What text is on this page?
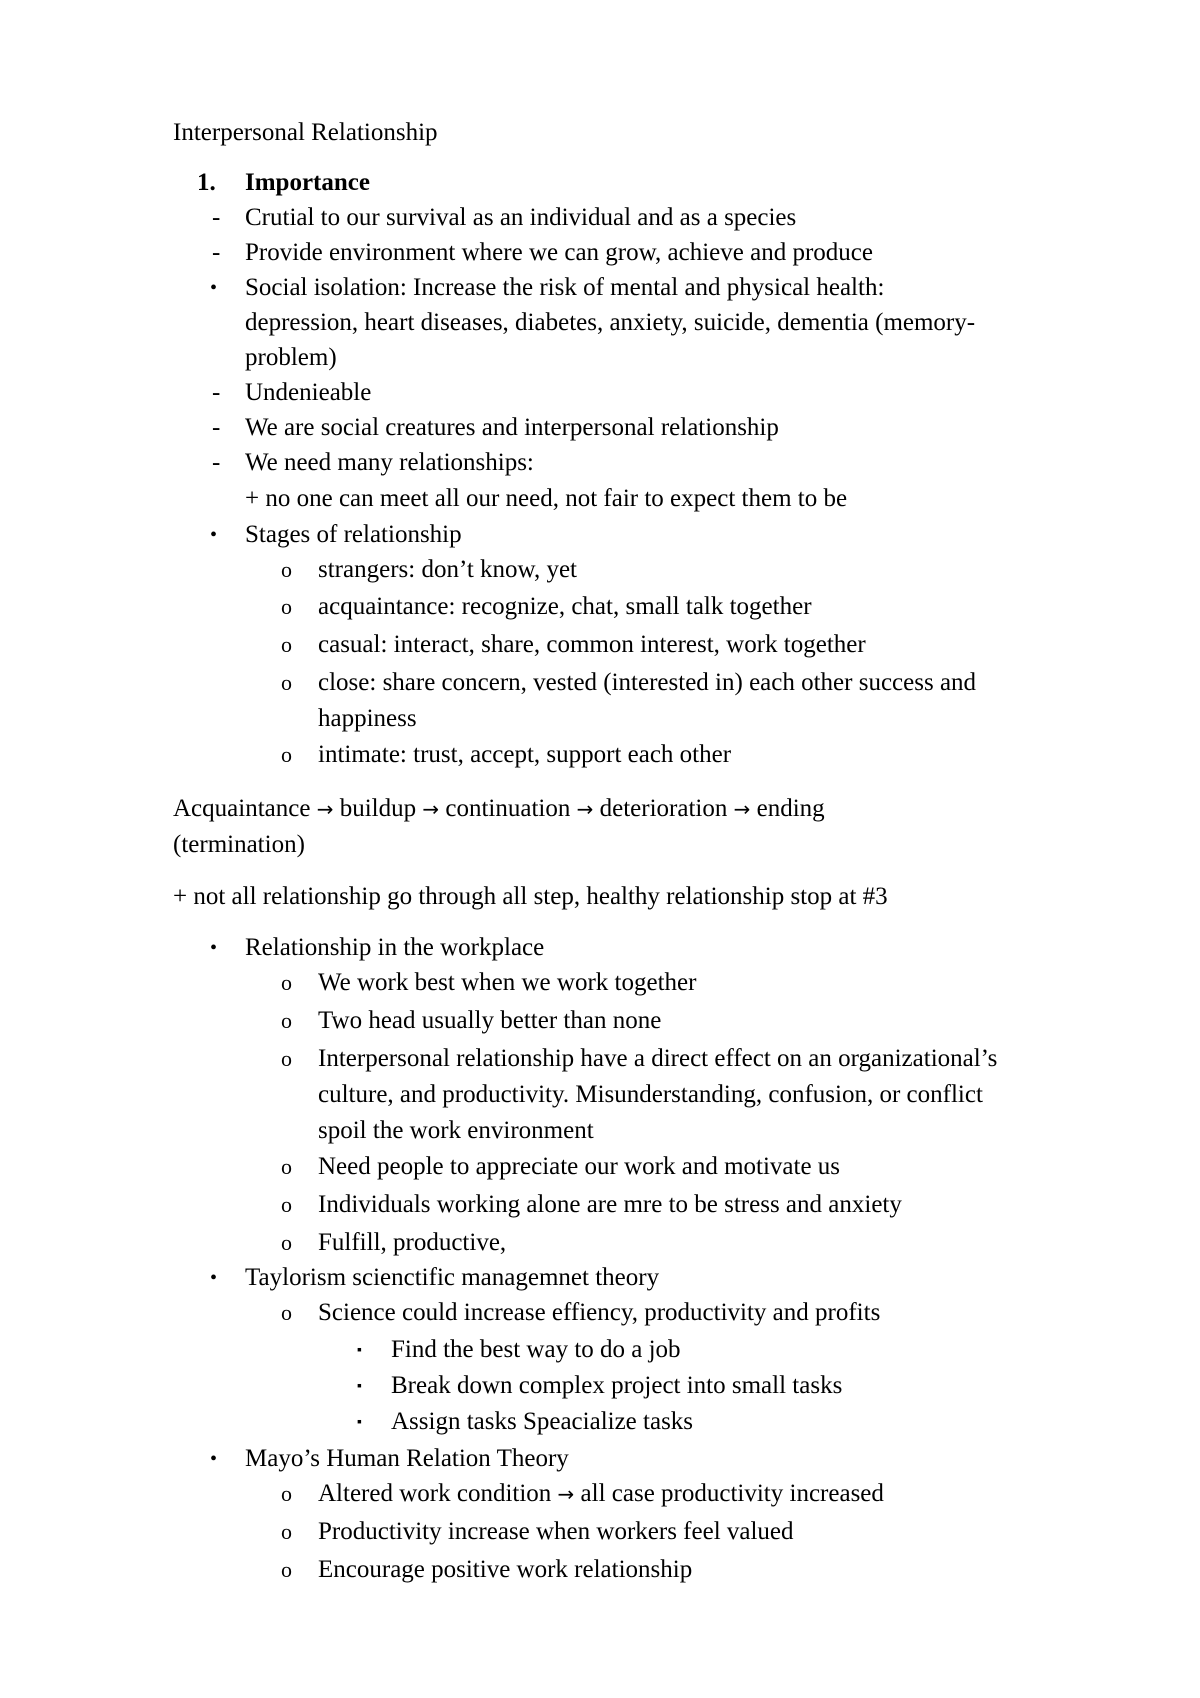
Interpersonal Relationship
1. Importance
- Crutial to our survival as an individual and as a species
- Provide environment where we can grow, achieve and produce
• Social isolation: Increase the risk of mental and physical health:
depression, heart diseases, diabetes, anxiety, suicide, dementia (memory-
problem)
- Undenieable
- We are social creatures and interpersonal relationship
- We need many relationships:
+ no one can meet all our need, not fair to expect them to be
• Stages of relationship
o strangers: don’t know, yet
o acquaintance: recognize, chat, small talk together
o casual: interact, share, common interest, work together
o close: share concern, vested (interested in) each other success and
happiness
o intimate: trust, accept, support each other
Acquaintance → buildup → continuation → deterioration → ending
(termination)
+ not all relationship go through all step, healthy relationship stop at #3
• Relationship in the workplace
o We work best when we work together
o Two head usually better than none
o Interpersonal relationship have a direct effect on an organizational’s
culture, and productivity. Misunderstanding, confusion, or conflict
spoil the work environment
o Need people to appreciate our work and motivate us
o Individuals working alone are mre to be stress and anxiety
o Fulfill, productive,
• Taylorism scienctific managemnet theory
o Science could increase effiency, productivity and profits
▪ Find the best way to do a job
▪ Break down complex project into small tasks
▪ Assign tasks Speacialize tasks
• Mayo’s Human Relation Theory
o Altered work condition → all case productivity increased
o Productivity increase when workers feel valued
o Encourage positive work relationship
